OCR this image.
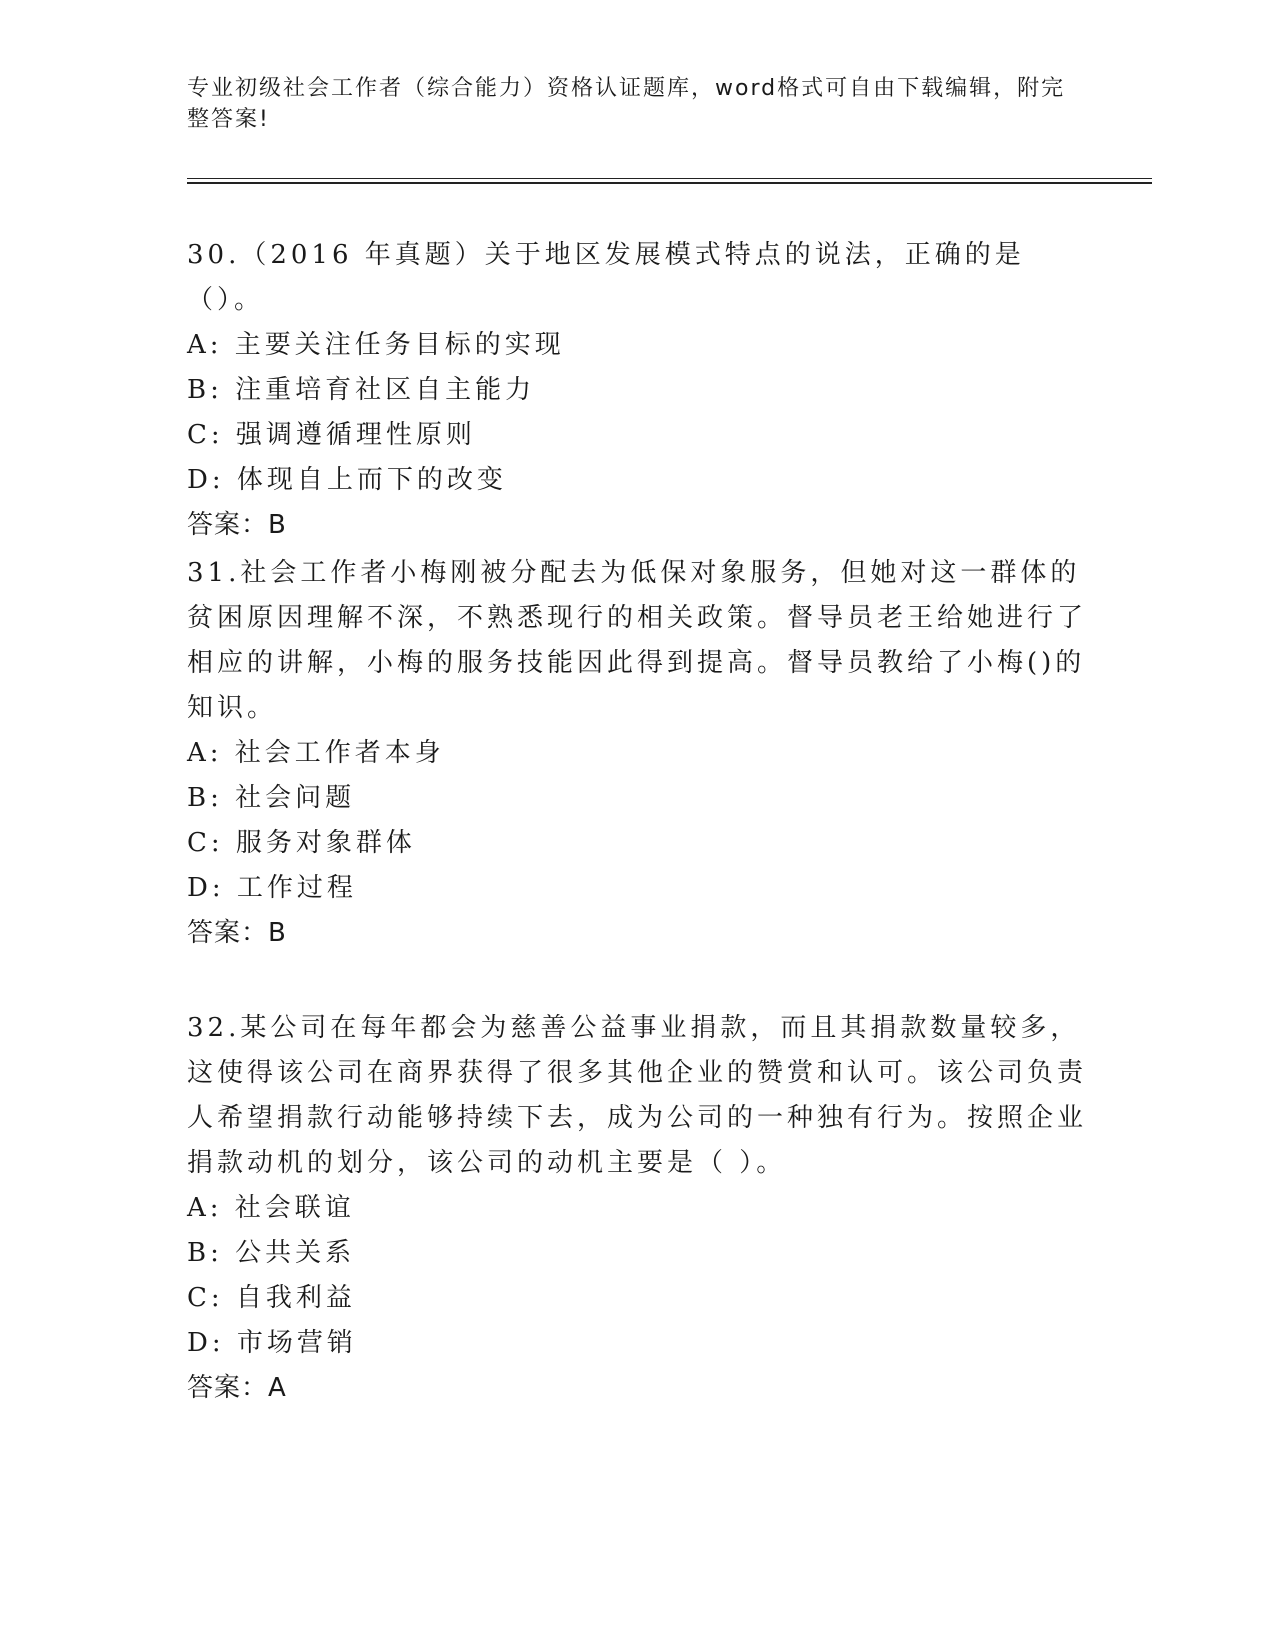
专业初级社会工作者（综合能力）资格认证题库，word格式可自由下载编辑，附完整答案!

30.（2016 年真题）关于地区发展模式特点的说法，正确的是（）。

A: 主要关注任务目标的实现

B: 注重培育社区自主能力

C: 强调遵循理性原则

D: 体现自上而下的改变

答案：B

31.社会工作者小梅刚被分配去为低保对象服务，但她对这一群体的贫困原因理解不深，不熟悉现行的相关政策。督导员老王给她进行了相应的讲解，小梅的服务技能因此得到提高。督导员教给了小梅()的知识。

A: 社会工作者本身

B: 社会问题

C: 服务对象群体

D: 工作过程

答案：B

32.某公司在每年都会为慈善公益事业捐款，而且其捐款数量较多，这使得该公司在商界获得了很多其他企业的赞赏和认可。该公司负责人希望捐款行动能够持续下去，成为公司的一种独有行为。按照企业捐款动机的划分，该公司的动机主要是（ ）。

A: 社会联谊

B: 公共关系

C: 自我利益

D: 市场营销

答案：A
